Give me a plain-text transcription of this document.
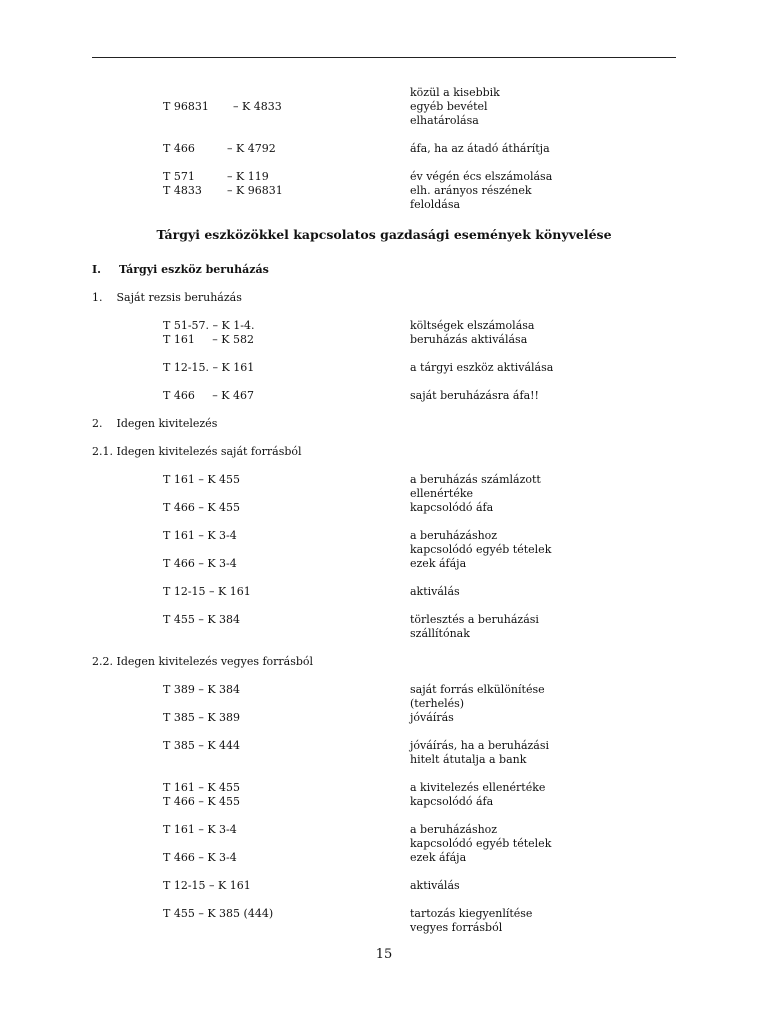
közül a kisebbik
T 96831 – K 4833	egyéb bevétel
elhatárolása
T 466	– K 4792	áfa, ha az átadó áthárítja
T 571	– K 119	év végén écs elszámolása
T 4833 – K 96831	elh. arányos részének
feloldása
Tárgyi eszközökkel kapcsolatos gazdasági események könyvelése
I. Tárgyi eszköz beruházás
1.    Saját rezsis beruházás
T 51-57. – K 1-4.	költségek elszámolása
T 161     – K 582	beruházás aktiválása
T 12-15. – K 161	a tárgyi eszköz aktiválása
T 466     – K 467	saját beruházásra áfa!!
2.    Idegen kivitelezés
2.1. Idegen kivitelezés saját forrásból
T 161 – K 455	a beruházás számlázott
ellenértéke
T 466 – K 455	kapcsolódó áfa
T 161 – K 3-4	a beruházáshoz
kapcsolódó egyéb tételek
T 466 – K 3-4	ezek áfája
T 12-15 – K 161	aktiválás
T 455 – K 384	törlesztés a beruházási
szállítónak
2.2. Idegen kivitelezés vegyes forrásból
T 389 – K 384	saját forrás elkülönítése
(terhelés)
T 385 – K 389	jóváírás
T 385 – K 444	jóváírás, ha a beruházási
hitelt átutalja a bank
T 161 – K 455	a kivitelezés ellenértéke
T 466 – K 455	kapcsolódó áfa
T 161 – K 3-4	a beruházáshoz
kapcsolódó egyéb tételek
T 466 – K 3-4	ezek áfája
T 12-15 – K 161	aktiválás
T 455 – K 385 (444)	tartozás kiegyenlítése
vegyes forrásból
15
